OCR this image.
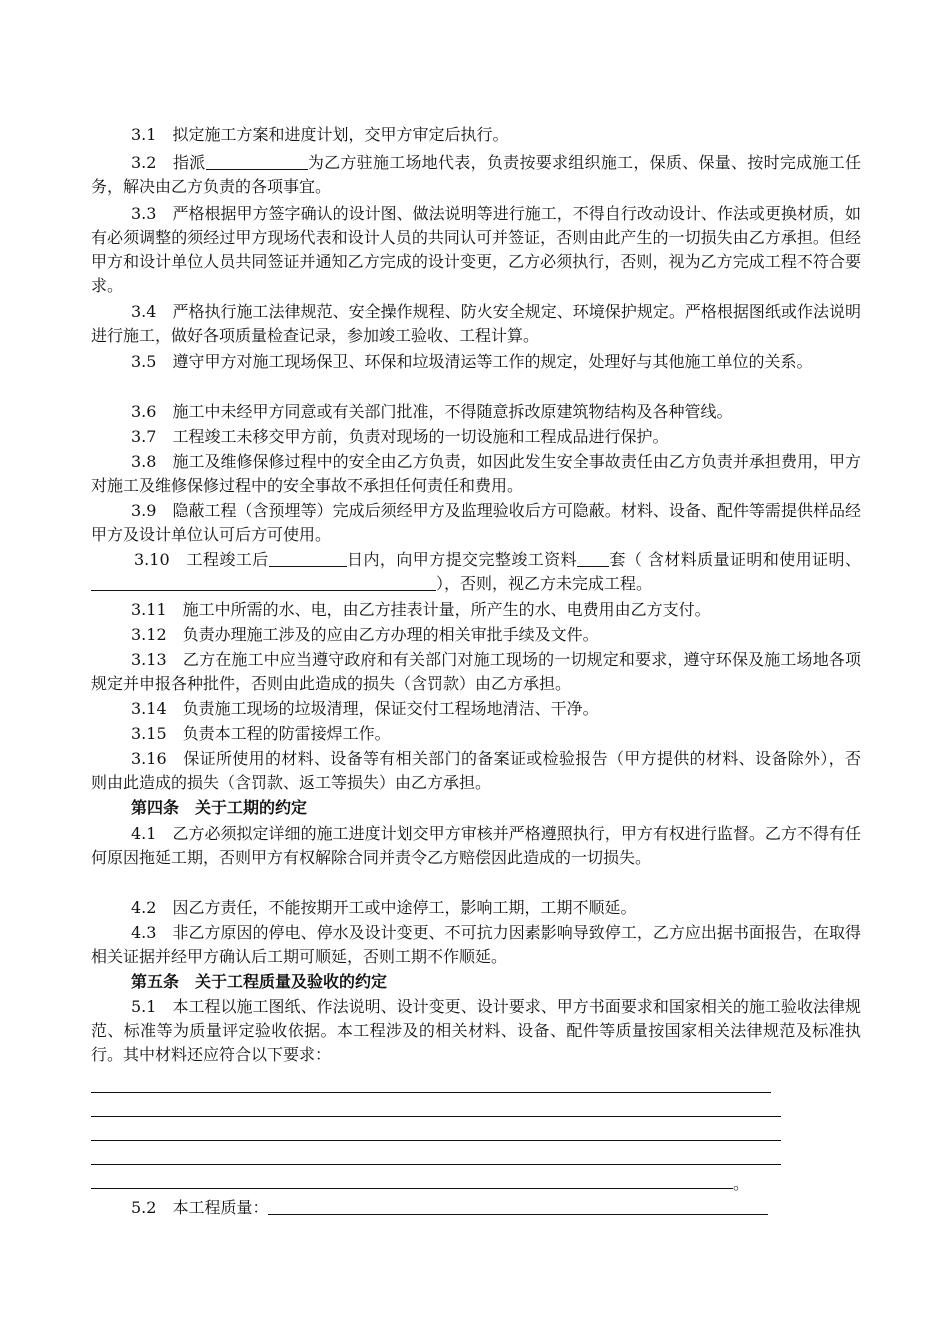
3.1　拟定施工方案和进度计划，交甲方审定后执行。

3.2　指派	为乙方驻施工场地代表，负责按要求组织施工，保质、保量、按时完成施工任务，解决由乙方负责的各项事宜。

3.3　严格根据甲方签字确认的设计图、做法说明等进行施工，不得自行改动设计、作法或更换材质，如有必须调整的须经过甲方现场代表和设计人员的共同认可并签证，否则由此产生的一切损失由乙方承担。但经甲方和设计单位人员共同签证并通知乙方完成的设计变更，乙方必须执行，否则，视为乙方完成工程不符合要求。

3.4　严格执行施工法律规范、安全操作规程、防火安全规定、环境保护规定。严格根据图纸或作法说明进行施工，做好各项质量检查记录，参加竣工验收、工程计算。

3.5　遵守甲方对施工现场保卫、环保和垃圾清运等工作的规定，处理好与其他施工单位的关系。

3.6　施工中未经甲方同意或有关部门批准，不得随意拆改原建筑物结构及各种管线。

3.7　工程竣工未移交甲方前，负责对现场的一切设施和工程成品进行保护。

3.8　施工及维修保修过程中的安全由乙方负责，如因此发生安全事故责任由乙方负责并承担费用，甲方对施工及维修保修过程中的安全事故不承担任何责任和费用。

3.9　隐蔽工程（含预埋等）完成后须经甲方及监理验收后方可隐蔽。材料、设备、配件等需提供样品经甲方及设计单位认可后方可使用。

3.10　工程竣工后	日内，向甲方提交完整竣工资料 套（ 含材料质量证明和使用证明、），否则，视乙方未完成工程。

3.11　施工中所需的水、电，由乙方挂表计量，所产生的水、电费用由乙方支付。

3.12　负责办理施工涉及的应由乙方办理的相关审批手续及文件。

3.13　乙方在施工中应当遵守政府和有关部门对施工现场的一切规定和要求，遵守环保及施工场地各项规定并申报各种批件，否则由此造成的损失（含罚款）由乙方承担。

3.14　负责施工现场的垃圾清理，保证交付工程场地清洁、干净。

3.15　负责本工程的防雷接焊工作。

3.16　保证所使用的材料、设备等有相关部门的备案证或检验报告（甲方提供的材料、设备除外），否则由此造成的损失（含罚款、返工等损失）由乙方承担。

第四条　关于工期的约定

4.1　乙方必须拟定详细的施工进度计划交甲方审核并严格遵照执行，甲方有权进行监督。乙方不得有任何原因拖延工期，否则甲方有权解除合同并责令乙方赔偿因此造成的一切损失。

4.2　因乙方责任，不能按期开工或中途停工，影响工期，工期不顺延。

4.3　非乙方原因的停电、停水及设计变更、不可抗力因素影响导致停工，乙方应出据书面报告，在取得相关证据并经甲方确认后工期可顺延，否则工期不作顺延。

第五条　关于工程质量及验收的约定

5.1　本工程以施工图纸、作法说明、设计变更、设计要求、甲方书面要求和国家相关的施工验收法律规范、标准等为质量评定验收依据。本工程涉及的相关材料、设备、配件等质量按国家相关法律规范及标准执行。其中材料还应符合以下要求：

。

5.2　本工程质量：
